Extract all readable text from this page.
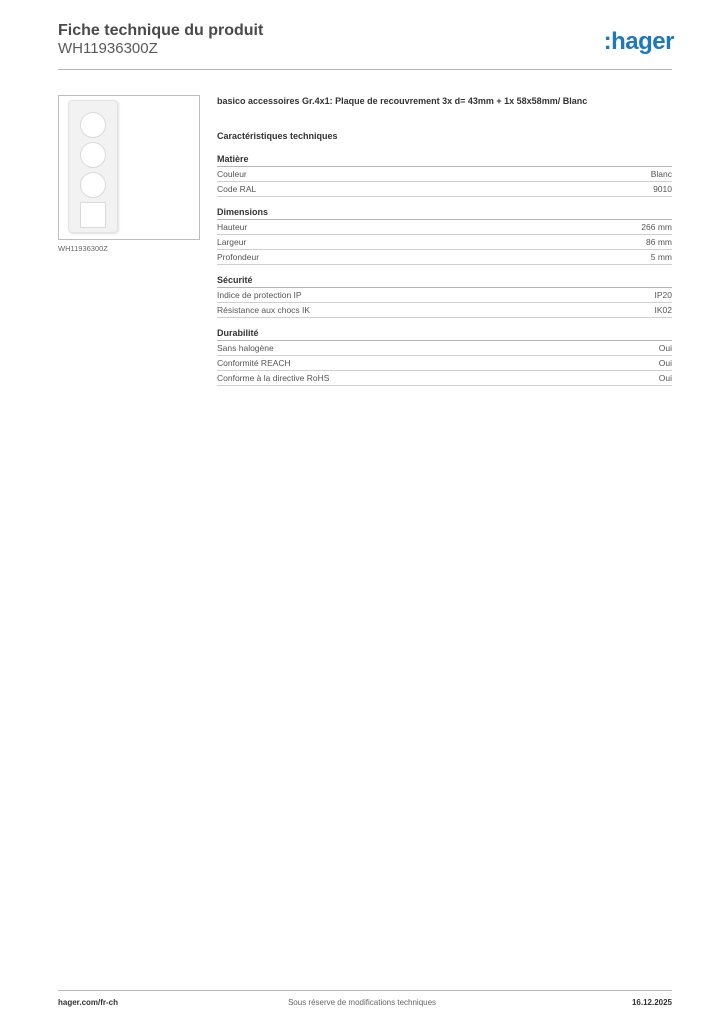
Fiche technique du produit
WH11936300Z	:hager
WH11936300Z
basico accessoires Gr.4x1: Plaque de recouvrement 3x d= 43mm + 1x 58x58mm/ Blanc
Caractéristiques techniques
Matière
Couleur	Blanc
Code RAL	9010
Dimensions
Hauteur	266 mm
Largeur	86 mm
Profondeur	5 mm
Sécurité
Indice de protection IP	IP20
Résistance aux chocs IK	IK02
Durabilité
Sans halogène	Oui
Conformité REACH	Oui
Conforme à la directive RoHS	Oui
hager.com/fr-ch	Sous réserve de modifications techniques	16.12.2025
